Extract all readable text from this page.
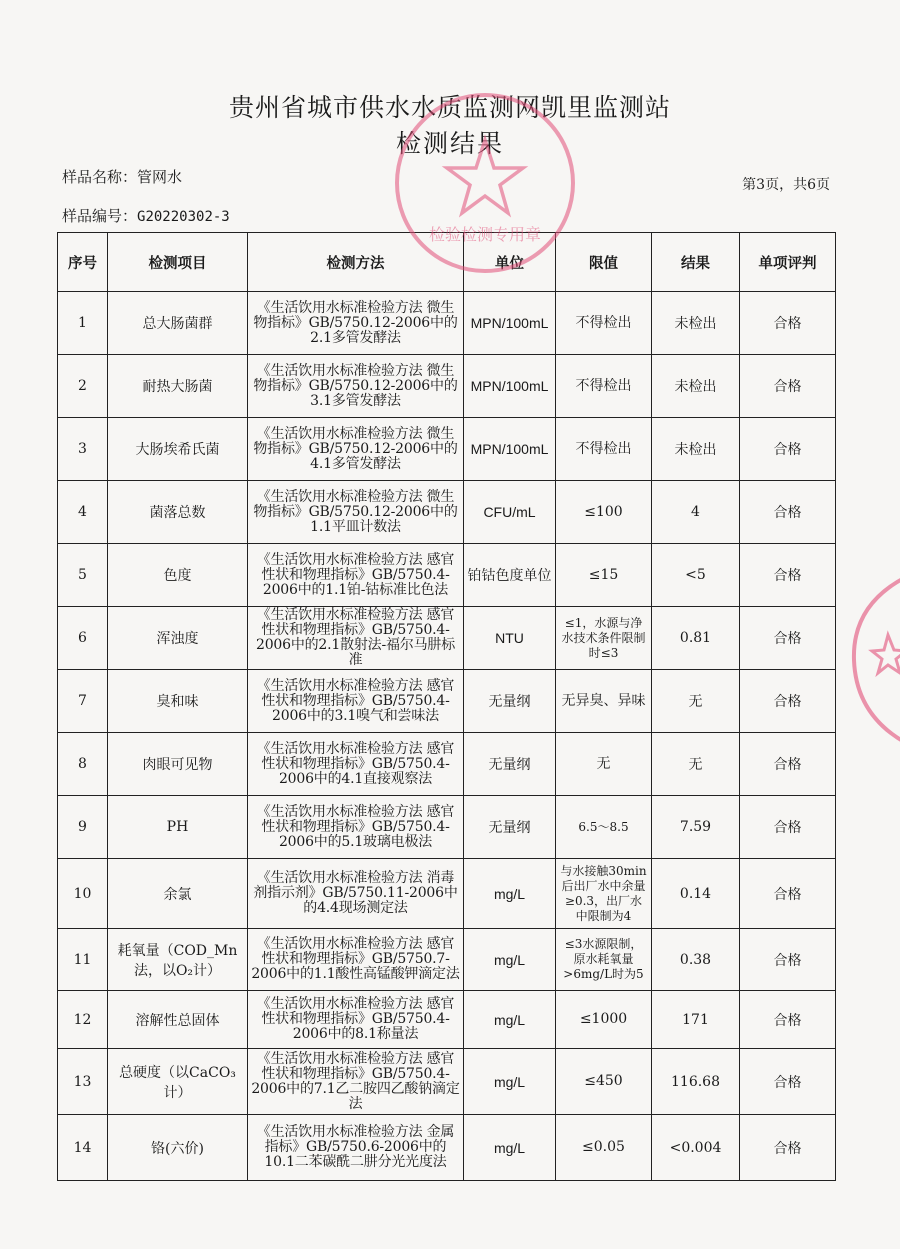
贵州省城市供水水质监测网凯里监测站
检测结果
样品名称：管网水
样品编号：G20220302-3
第3页，共6页
序号	检测项目	检测方法	单位	限值	结果	单项评判
1	总大肠菌群	《生活饮用水标准检验方法 微生物指标》GB/5750.12-2006中的2.1多管发酵法	MPN/100mL	不得检出	未检出	合格
2	耐热大肠菌	《生活饮用水标准检验方法 微生物指标》GB/5750.12-2006中的3.1多管发酵法	MPN/100mL	不得检出	未检出	合格
3	大肠埃希氏菌	《生活饮用水标准检验方法 微生物指标》GB/5750.12-2006中的4.1多管发酵法	MPN/100mL	不得检出	未检出	合格
4	菌落总数	《生活饮用水标准检验方法 微生物指标》GB/5750.12-2006中的1.1平皿计数法	CFU/mL	≤100	4	合格
5	色度	《生活饮用水标准检验方法 感官性状和物理指标》GB/5750.4-2006中的1.1铂-钴标准比色法	铂钴色度单位	≤15	<5	合格
6	浑浊度	《生活饮用水标准检验方法 感官性状和物理指标》GB/5750.4-2006中的2.1散射法-福尔马肼标准	NTU	≤1，水源与净水技术条件限制时≤3	0.81	合格
7	臭和味	《生活饮用水标准检验方法 感官性状和物理指标》GB/5750.4-2006中的3.1嗅气和尝味法	无量纲	无异臭、异味	无	合格
8	肉眼可见物	《生活饮用水标准检验方法 感官性状和物理指标》GB/5750.4-2006中的4.1直接观察法	无量纲	无	无	合格
9	PH	《生活饮用水标准检验方法 感官性状和物理指标》GB/5750.4-2006中的5.1玻璃电极法	无量纲	6.5～8.5	7.59	合格
10	余氯	《生活饮用水标准检验方法 消毒剂指示剂》GB/5750.11-2006中的4.4现场测定法	mg/L	与水接触30min后出厂水中余量≥0.3，出厂水中限制为4	0.14	合格
11	耗氧量（COD_Mn法，以O₂计）	《生活饮用水标准检验方法 感官性状和物理指标》GB/5750.7-2006中的1.1酸性高锰酸钾滴定法	mg/L	≤3水源限制，原水耗氧量>6mg/L时为5	0.38	合格
12	溶解性总固体	《生活饮用水标准检验方法 感官性状和物理指标》GB/5750.4-2006中的8.1称量法	mg/L	≤1000	171	合格
13	总硬度（以CaCO₃计）	《生活饮用水标准检验方法 感官性状和物理指标》GB/5750.4-2006中的7.1乙二胺四乙酸钠滴定法	mg/L	≤450	116.68	合格
14	铬(六价)	《生活饮用水标准检验方法 金属指标》GB/5750.6-2006中的10.1二苯碳酰二肼分光光度法	mg/L	≤0.05	<0.004	合格
检验检测专用章
